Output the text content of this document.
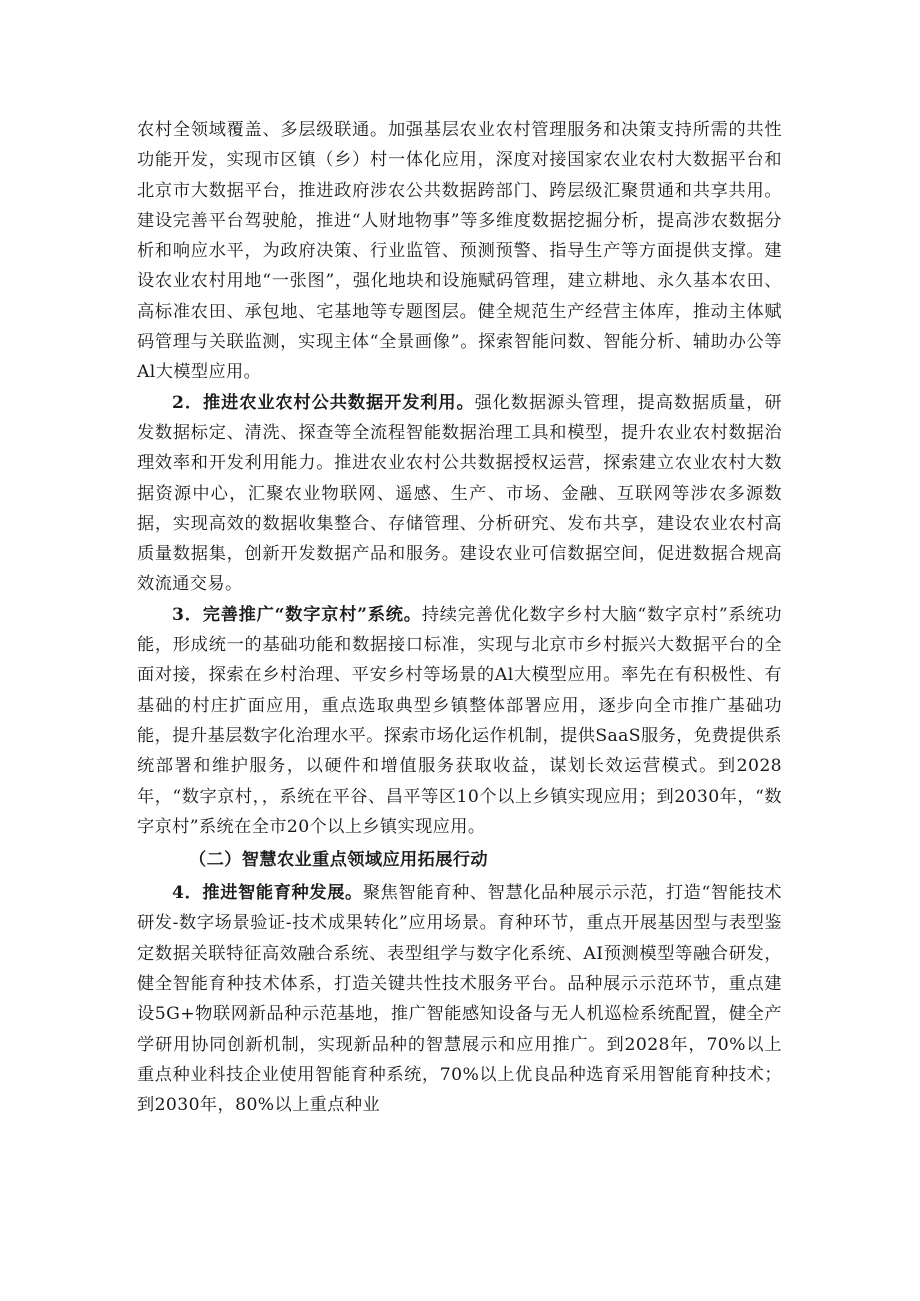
农村全领域覆盖、多层级联通。加强基层农业农村管理服务和决策支持所需的共性功能开发，实现市区镇（乡）村一体化应用，深度对接国家农业农村大数据平台和北京市大数据平台，推进政府涉农公共数据跨部门、跨层级汇聚贯通和共享共用。建设完善平台驾驶舱，推进“人财地物事”等多维度数据挖掘分析，提高涉农数据分析和响应水平，为政府决策、行业监管、预测预警、指导生产等方面提供支撑。建设农业农村用地“一张图”，强化地块和设施赋码管理，建立耕地、永久基本农田、高标准农田、承包地、宅基地等专题图层。健全规范生产经营主体库，推动主体赋码管理与关联监测，实现主体“全景画像”。探索智能问数、智能分析、辅助办公等Al大模型应用。

2．推进农业农村公共数据开发利用。强化数据源头管理，提高数据质量，研发数据标定、清洗、探查等全流程智能数据治理工具和模型，提升农业农村数据治理效率和开发利用能力。推进农业农村公共数据授权运营，探索建立农业农村大数据资源中心，汇聚农业物联网、遥感、生产、市场、金融、互联网等涉农多源数据，实现高效的数据收集整合、存储管理、分析研究、发布共享，建设农业农村高质量数据集，创新开发数据产品和服务。建设农业可信数据空间，促进数据合规高效流通交易。

3．完善推广“数字京村”系统。持续完善优化数字乡村大脑“数字京村”系统功能，形成统一的基础功能和数据接口标准，实现与北京市乡村振兴大数据平台的全面对接，探索在乡村治理、平安乡村等场景的Al大模型应用。率先在有积极性、有基础的村庄扩面应用，重点选取典型乡镇整体部署应用，逐步向全市推广基础功能，提升基层数字化治理水平。探索市场化运作机制，提供SaaS服务，免费提供系统部署和维护服务，以硬件和增值服务获取收益，谋划长效运营模式。到2028年，“数字京村，，系统在平谷、昌平等区10个以上乡镇实现应用；到2030年，“数字京村”系统在全市20个以上乡镇实现应用。

（二）智慧农业重点领域应用拓展行动

4．推进智能育种发展。聚焦智能育种、智慧化品种展示示范，打造“智能技术研发-数字场景验证-技术成果转化”应用场景。育种环节，重点开展基因型与表型鉴定数据关联特征高效融合系统、表型组学与数字化系统、AI预测模型等融合研发，健全智能育种技术体系，打造关键共性技术服务平台。品种展示示范环节，重点建设5G+物联网新品种示范基地，推广智能感知设备与无人机巡检系统配置，健全产学研用协同创新机制，实现新品种的智慧展示和应用推广。到2028年，70%以上重点种业科技企业使用智能育种系统，70%以上优良品种选育采用智能育种技术；到2030年，80%以上重点种业
